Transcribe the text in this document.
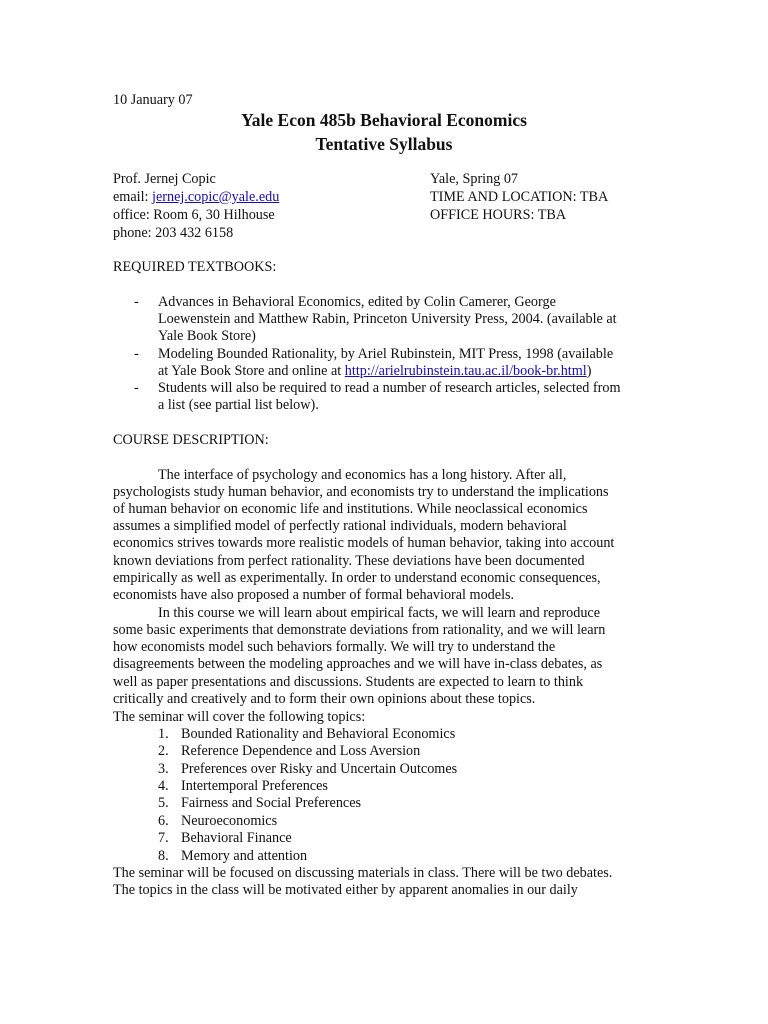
10 January 07
Yale Econ 485b Behavioral Economics
Tentative Syllabus
Prof. Jernej Copic
email: jernej.copic@yale.edu
office: Room 6, 30 Hilhouse
phone: 203 432 6158
Yale, Spring 07
TIME AND LOCATION: TBA
OFFICE HOURS: TBA
REQUIRED TEXTBOOKS:
- Advances in Behavioral Economics, edited by Colin Camerer, George
Loewenstein and Matthew Rabin, Princeton University Press, 2004. (available at
Yale Book Store)
- Modeling Bounded Rationality, by Ariel Rubinstein, MIT Press, 1998 (available
at Yale Book Store and online at http://arielrubinstein.tau.ac.il/book-br.html)
- Students will also be required to read a number of research articles, selected from
a list (see partial list below).
COURSE DESCRIPTION:
The interface of psychology and economics has a long history. After all,
psychologists study human behavior, and economists try to understand the implications
of human behavior on economic life and institutions. While neoclassical economics
assumes a simplified model of perfectly rational individuals, modern behavioral
economics strives towards more realistic models of human behavior, taking into account
known deviations from perfect rationality. These deviations have been documented
empirically as well as experimentally. In order to understand economic consequences,
economists have also proposed a number of formal behavioral models.
In this course we will learn about empirical facts, we will learn and reproduce
some basic experiments that demonstrate deviations from rationality, and we will learn
how economists model such behaviors formally. We will try to understand the
disagreements between the modeling approaches and we will have in-class debates, as
well as paper presentations and discussions. Students are expected to learn to think
critically and creatively and to form their own opinions about these topics.
The seminar will cover the following topics:
1. Bounded Rationality and Behavioral Economics
2. Reference Dependence and Loss Aversion
3. Preferences over Risky and Uncertain Outcomes
4. Intertemporal Preferences
5. Fairness and Social Preferences
6. Neuroeconomics
7. Behavioral Finance
8. Memory and attention
The seminar will be focused on discussing materials in class. There will be two debates.
The topics in the class will be motivated either by apparent anomalies in our daily
